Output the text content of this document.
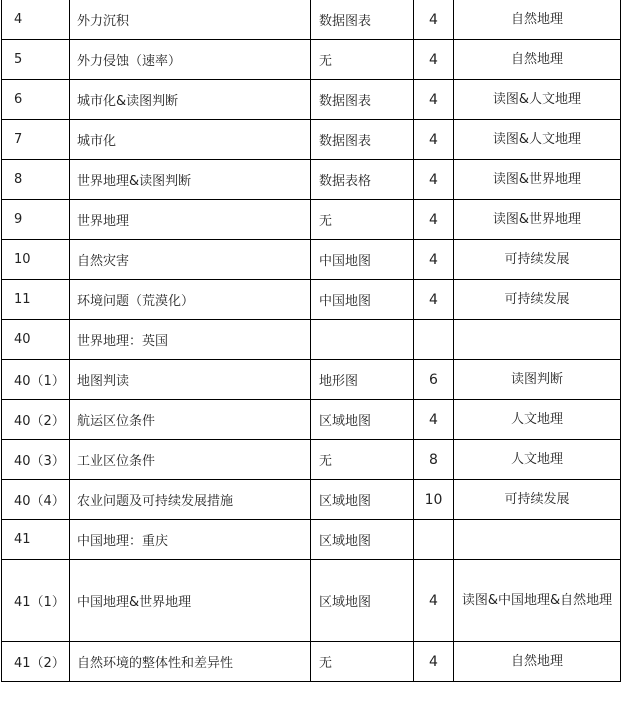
4	外力沉积	数据图表	4	自然地理
5	外力侵蚀（速率）	无	4	自然地理
6	城市化&读图判断	数据图表	4	读图&人文地理
7	城市化	数据图表	4	读图&人文地理
8	世界地理&读图判断	数据表格	4	读图&世界地理
9	世界地理	无	4	读图&世界地理
10	自然灾害	中国地图	4	可持续发展
11	环境问题（荒漠化）	中国地图	4	可持续发展
40	世界地理：英国			
40（1）	地图判读	地形图	6	读图判断
40（2）	航运区位条件	区域地图	4	人文地理
40（3）	工业区位条件	无	8	人文地理
40（4）	农业问题及可持续发展措施	区域地图	10	可持续发展
41	中国地理：重庆	区域地图		
41（1）	中国地理&世界地理	区域地图	4	读图&中国地理&自然地理
41（2）	自然环境的整体性和差异性	无	4	自然地理
